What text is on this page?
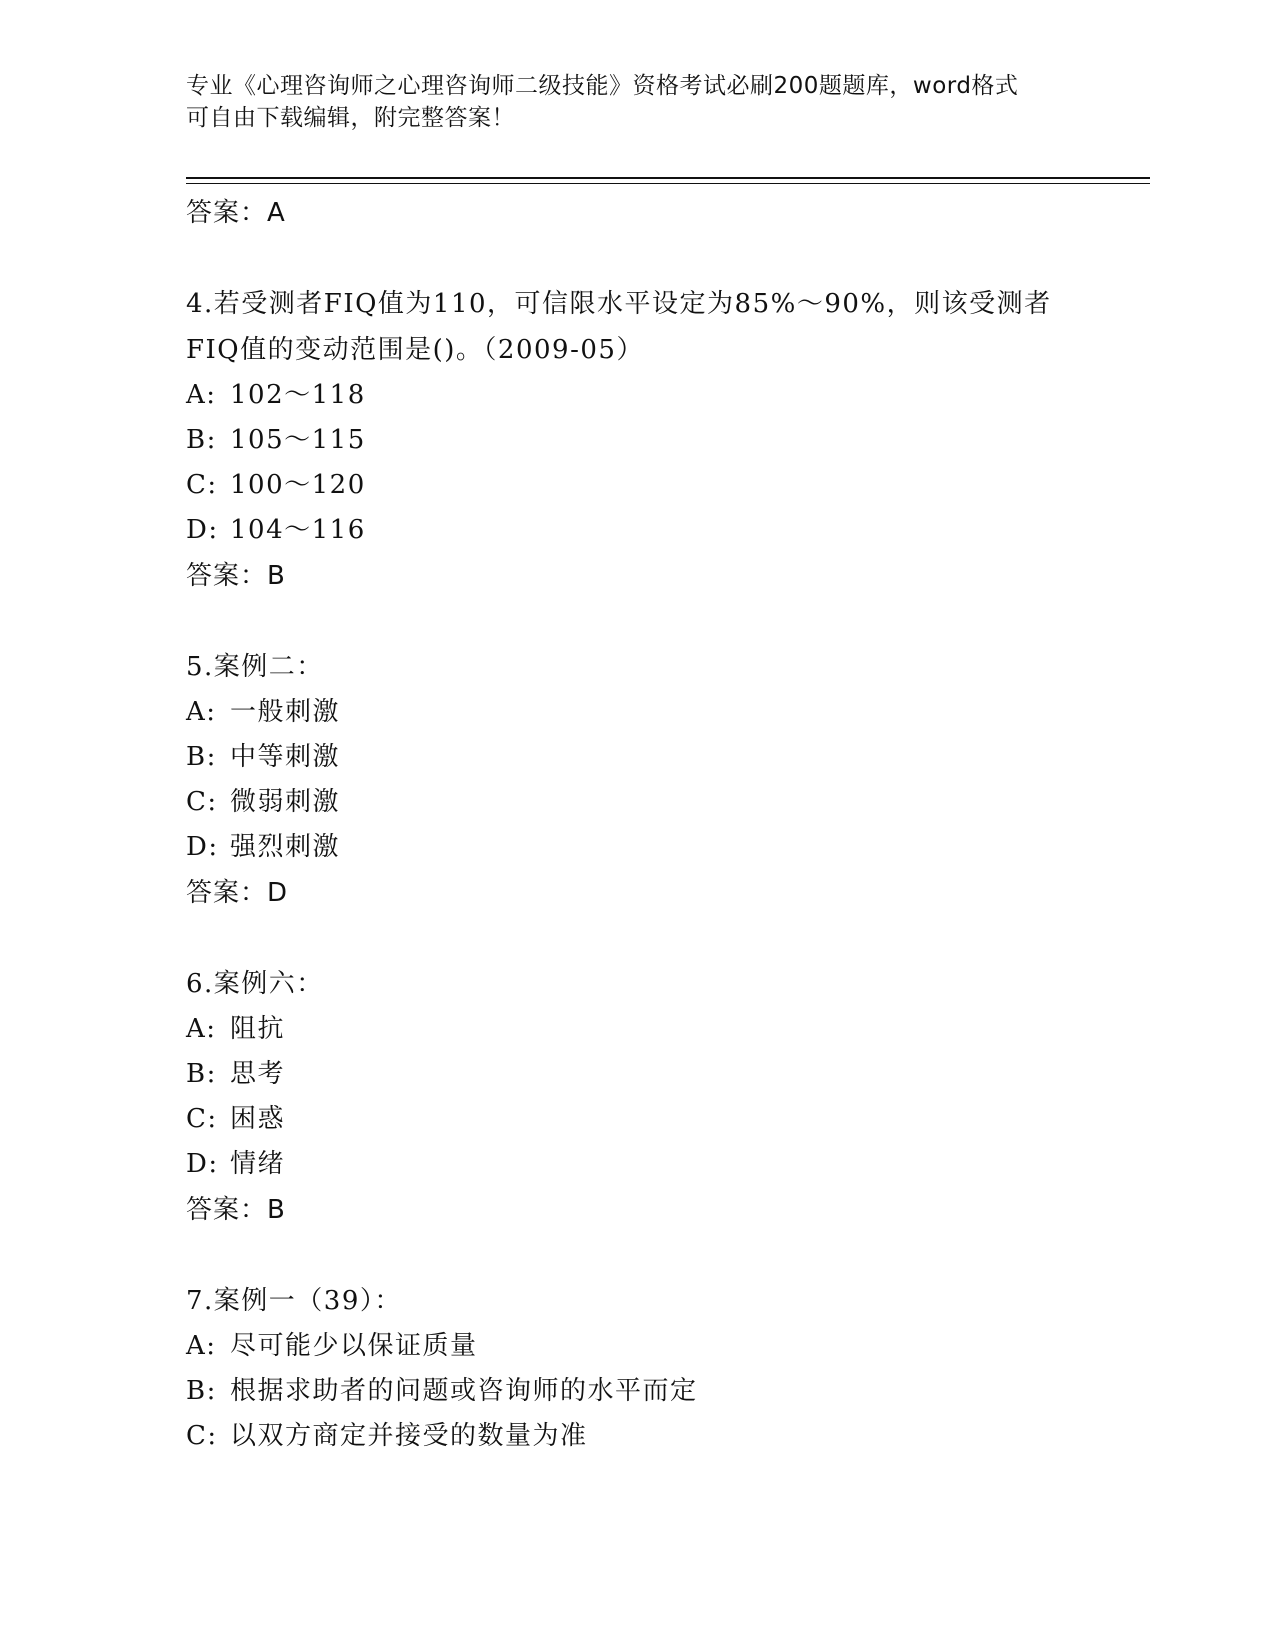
专业《心理咨询师之心理咨询师二级技能》资格考试必刷200题题库，word格式
可自由下载编辑，附完整答案！
答案：A
4.若受测者FIQ值为110，可信限水平设定为85%～90%，则该受测者
FIQ值的变动范围是()。（2009-05）
A: 102～118
B: 105～115
C: 100～120
D: 104～116
答案：B
5.案例二：
A: 一般刺激
B: 中等刺激
C: 微弱刺激
D: 强烈刺激
答案：D
6.案例六：
A: 阻抗
B: 思考
C: 困惑
D: 情绪
答案：B
7.案例一（39）：
A: 尽可能少以保证质量
B: 根据求助者的问题或咨询师的水平而定
C: 以双方商定并接受的数量为准
